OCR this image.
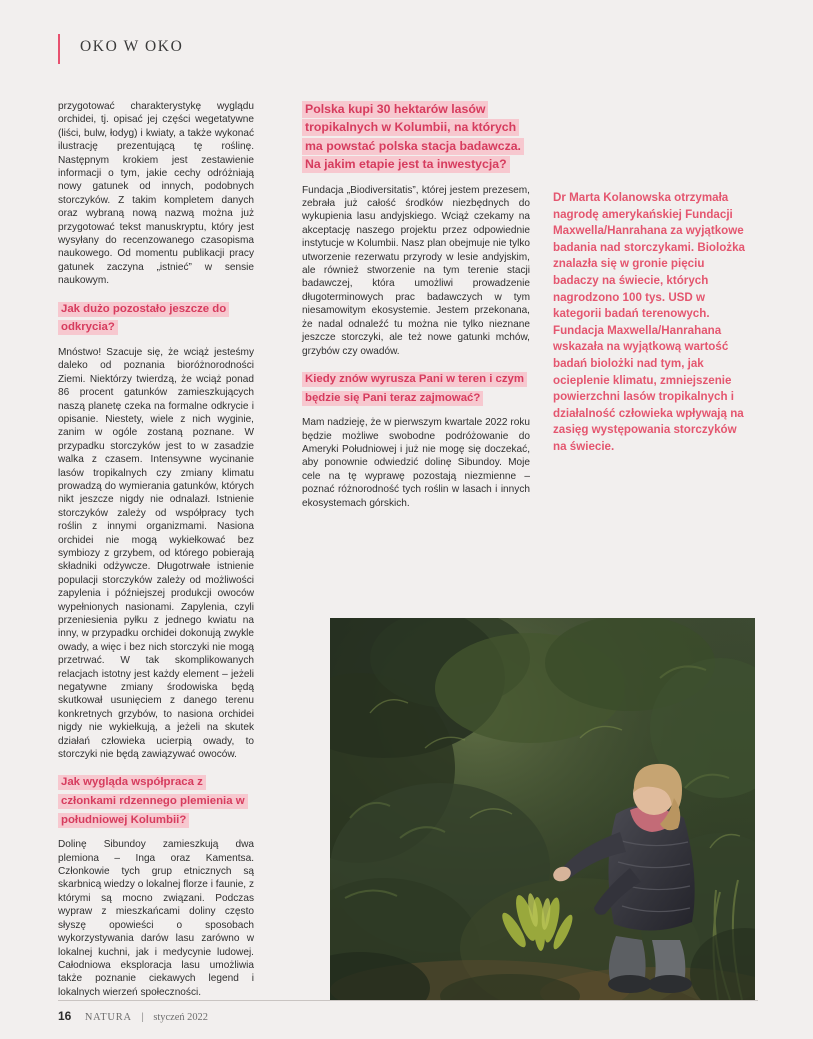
OKO W OKO

przygotować charakterystykę wyglądu orchidei, tj. opisać jej części wegetatywne (liści, bulw, łodyg) i kwiaty, a także wykonać ilustrację prezentującą tę roślinę. Następnym krokiem jest zestawienie informacji o tym, jakie cechy odróżniają nowy gatunek od innych, podobnych storczyków. Z takim kompletem danych oraz wybraną nową nazwą można już przygotować tekst manuskryptu, który jest wysyłany do recenzowanego czasopisma naukowego. Od momentu publikacji pracy gatunek zaczyna „istnieć” w sensie naukowym.

Jak dużo pozostało jeszcze do odkrycia?

Mnóstwo! Szacuje się, że wciąż jesteśmy daleko od poznania bioróżnorodności Ziemi. Niektórzy twierdzą, że wciąż ponad 86 procent gatunków zamieszkujących naszą planetę czeka na formalne odkrycie i opisanie. Niestety, wiele z nich wyginie, zanim w ogóle zostaną poznane. W przypadku storczyków jest to w zasadzie walka z czasem. Intensywne wycinanie lasów tropikalnych czy zmiany klimatu prowadzą do wymierania gatunków, których nikt jeszcze nigdy nie odnalazł. Istnienie storczyków zależy od współpracy tych roślin z innymi organizmami. Nasiona orchidei nie mogą wykiełkować bez symbiozy z grzybem, od którego pobierają składniki odżywcze. Długotrwałe istnienie populacji storczyków zależy od możliwości zapylenia i późniejszej produkcji owoców wypełnionych nasionami. Zapylenia, czyli przeniesienia pyłku z jednego kwiatu na inny, w przypadku orchidei dokonują zwykle owady, a więc i bez nich storczyki nie mogą przetrwać. W tak skomplikowanych relacjach istotny jest każdy element – jeżeli negatywne zmiany środowiska będą skutkował usunięciem z danego terenu konkretnych grzybów, to nasiona orchidei nigdy nie wykiełkują, a jeżeli na skutek działań człowieka ucierpią owady, to storczyki nie będą zawiązywać owoców.

Jak wygląda współpraca z członkami rdzennego plemienia w południowej Kolumbii?

Dolinę Sibundoy zamieszkują dwa plemiona – Inga oraz Kamentsa. Członkowie tych grup etnicznych są skarbnicą wiedzy o lokalnej florze i faunie, z którymi są mocno związani. Podczas wypraw z mieszkańcami doliny często słyszę opowieści o sposobach wykorzystywania darów lasu zarówno w lokalnej kuchni, jak i medycynie ludowej. Całodniowa eksploracja lasu umożliwia także poznanie ciekawych legend i lokalnych wierzeń społeczności.

Polska kupi 30 hektarów lasów tropikalnych w Kolumbii, na których ma powstać polska stacja badawcza. Na jakim etapie jest ta inwestycja?

Fundacja „Biodiversitatis”, której jestem prezesem, zebrała już całość środków niezbędnych do wykupienia lasu andyjskiego. Wciąż czekamy na akceptację naszego projektu przez odpowiednie instytucje w Kolumbii. Nasz plan obejmuje nie tylko utworzenie rezerwatu przyrody w lesie andyjskim, ale również stworzenie na tym terenie stacji badawczej, która umożliwi prowadzenie długoterminowych prac badawczych w tym niesamowitym ekosystemie. Jestem przekonana, że nadal odnaleźć tu można nie tylko nieznane jeszcze storczyki, ale też nowe gatunki mchów, grzybów czy owadów.

Kiedy znów wyrusza Pani w teren i czym będzie się Pani teraz zajmować?

Mam nadzieję, że w pierwszym kwartale 2022 roku będzie możliwe swobodne podróżowanie do Ameryki Południowej i już nie mogę się doczekać, aby ponownie odwiedzić dolinę Sibundoy. Moje cele na tę wyprawę pozostają niezmienne – poznać różnorodność tych roślin w lasach i innych ekosystemach górskich.

Dr Marta Kolanowska otrzymała nagrodę amerykańskiej Fundacji Maxwella/Hanrahana za wyjątkowe badania nad storczykami. Biolożka znalazła się w gronie pięciu badaczy na świecie, których nagrodzono 100 tys. USD w kategorii badań terenowych. Fundacja Maxwella/Hanrahana wskazała na wyjątkową wartość badań biolożki nad tym, jak ocieplenie klimatu, zmniejszenie powierzchni lasów tropikalnych i działalność człowieka wpływają na zasięg występowania storczyków na świecie.

16 NATURA | styczeń 2022
